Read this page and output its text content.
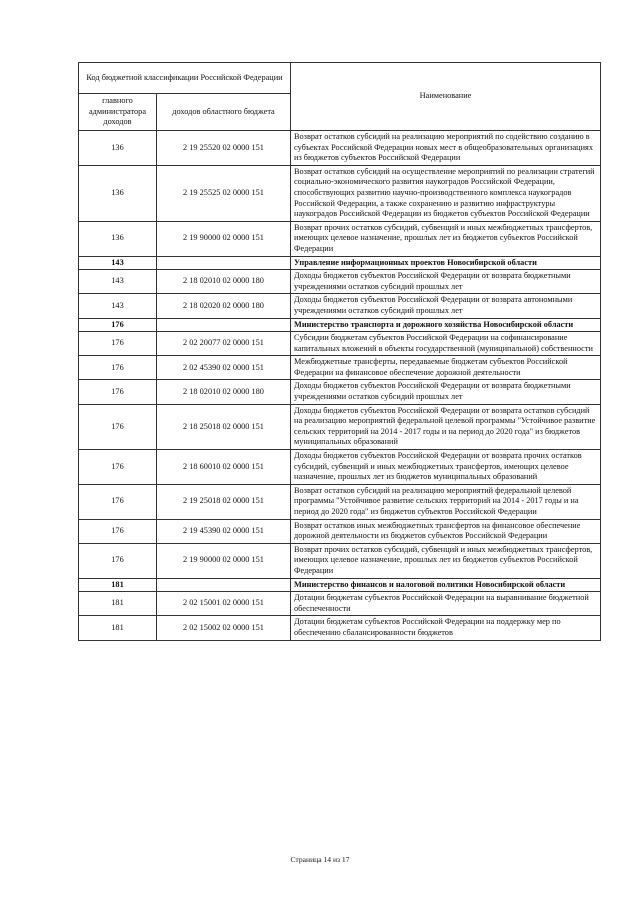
Код бюджетной классификации Российской Федерации		Наименование
главного администратора доходов	доходов областного бюджета	
136	2 19 25520 02 0000 151	Возврат остатков субсидий на реализацию мероприятий по содействию созданию в субъектах Российской Федерации новых мест в общеобразовательных организациях из бюджетов субъектов Российской Федерации
136	2 19 25525 02 0000 151	Возврат остатков субсидий на осуществление мероприятий по реализации стратегий социально-экономического развития наукоградов Российской Федерации, способствующих развитию научно-производственного комплекса наукоградов Российской Федерации, а также сохранению и развитию инфраструктуры наукоградов Российской Федерации из бюджетов субъектов Российской Федерации
136	2 19 90000 02 0000 151	Возврат прочих остатков субсидий, субвенций и иных межбюджетных трансфертов, имеющих целевое назначение, прошлых лет из бюджетов субъектов Российской Федерации
143		Управление информационных проектов Новосибирской области
143	2 18 02010 02 0000 180	Доходы бюджетов субъектов Российской Федерации от возврата бюджетными учреждениями остатков субсидий прошлых лет
143	2 18 02020 02 0000 180	Доходы бюджетов субъектов Российской Федерации от возврата автономными учреждениями остатков субсидий прошлых лет
176		Министерство транспорта и дорожного хозяйства Новосибирской области
176	2 02 20077 02 0000 151	Субсидии бюджетам субъектов Российской Федерации на софинансирование капитальных вложений в объекты государственной (муниципальной) собственности
176	2 02 45390 02 0000 151	Межбюджетные трансферты, передаваемые бюджетам субъектов Российской Федерации на финансовое обеспечение дорожной деятельности
176	2 18 02010 02 0000 180	Доходы бюджетов субъектов Российской Федерации от возврата бюджетными учреждениями остатков субсидий прошлых лет
176	2 18 25018 02 0000 151	Доходы бюджетов субъектов Российской Федерации от возврата остатков субсидий на реализацию мероприятий федеральной целевой программы "Устойчивое развитие сельских территорий на 2014 - 2017 годы и на период до 2020 года" из бюджетов муниципальных образований
176	2 18 60010 02 0000 151	Доходы бюджетов субъектов Российской Федерации от возврата прочих остатков субсидий, субвенций и иных межбюджетных трансфертов, имеющих целевое назначение, прошлых лет из бюджетов муниципальных образований
176	2 19 25018 02 0000 151	Возврат остатков субсидий на реализацию мероприятий федеральной целевой программы "Устойчивое развитие сельских территорий на 2014 - 2017 годы и на период до 2020 года" из бюджетов субъектов Российской Федерации
176	2 19 45390 02 0000 151	Возврат остатков иных межбюджетных трансфертов на финансовое обеспечение дорожной деятельности из бюджетов субъектов Российской Федерации
176	2 19 90000 02 0000 151	Возврат прочих остатков субсидий, субвенций и иных межбюджетных трансфертов, имеющих целевое назначение, прошлых лет из бюджетов субъектов Российской Федерации
181		Министерство финансов и налоговой политики Новосибирской области
181	2 02 15001 02 0000 151	Дотации бюджетам субъектов Российской Федерации на выравнивание бюджетной обеспеченности
181	2 02 15002 02 0000 151	Дотации бюджетам субъектов Российской Федерации на поддержку мер по обеспечению сбалансированности бюджетов
Страница 14 из 17
